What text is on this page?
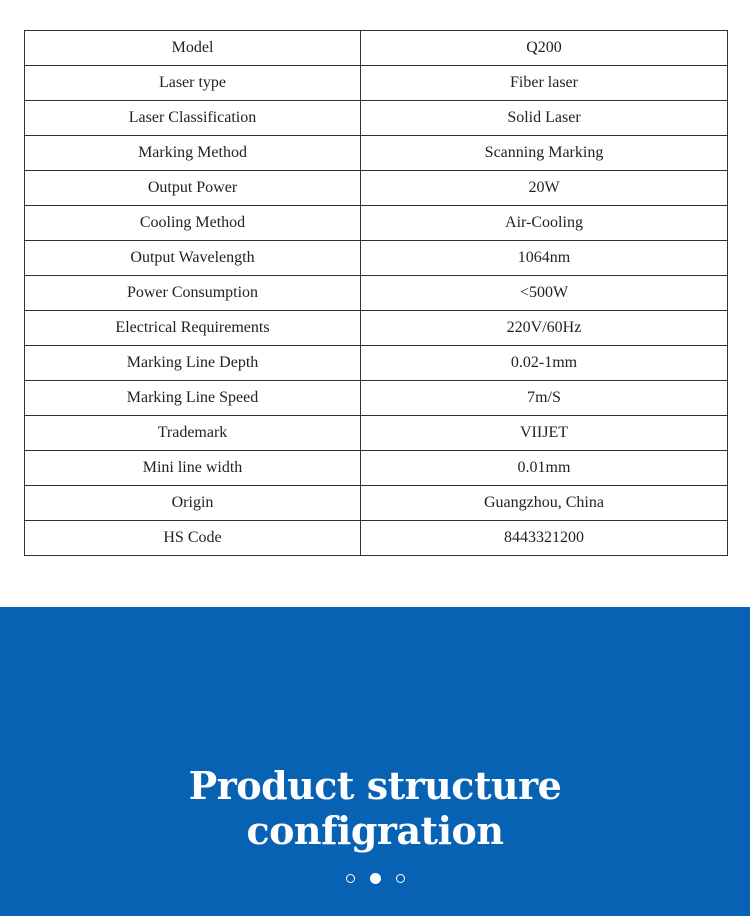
Model	Q200
Laser type	Fiber laser
Laser Classification	Solid Laser
Marking Method	Scanning Marking
Output Power	20W
Cooling Method	Air-Cooling
Output Wavelength	1064nm
Power Consumption	<500W
Electrical Requirements	220V/60Hz
Marking Line Depth	0.02-1mm
Marking Line Speed	7m/S
Trademark	VIIJET
Mini line width	0.01mm
Origin	Guangzhou, China
HS Code	8443321200
Product structure
configration
